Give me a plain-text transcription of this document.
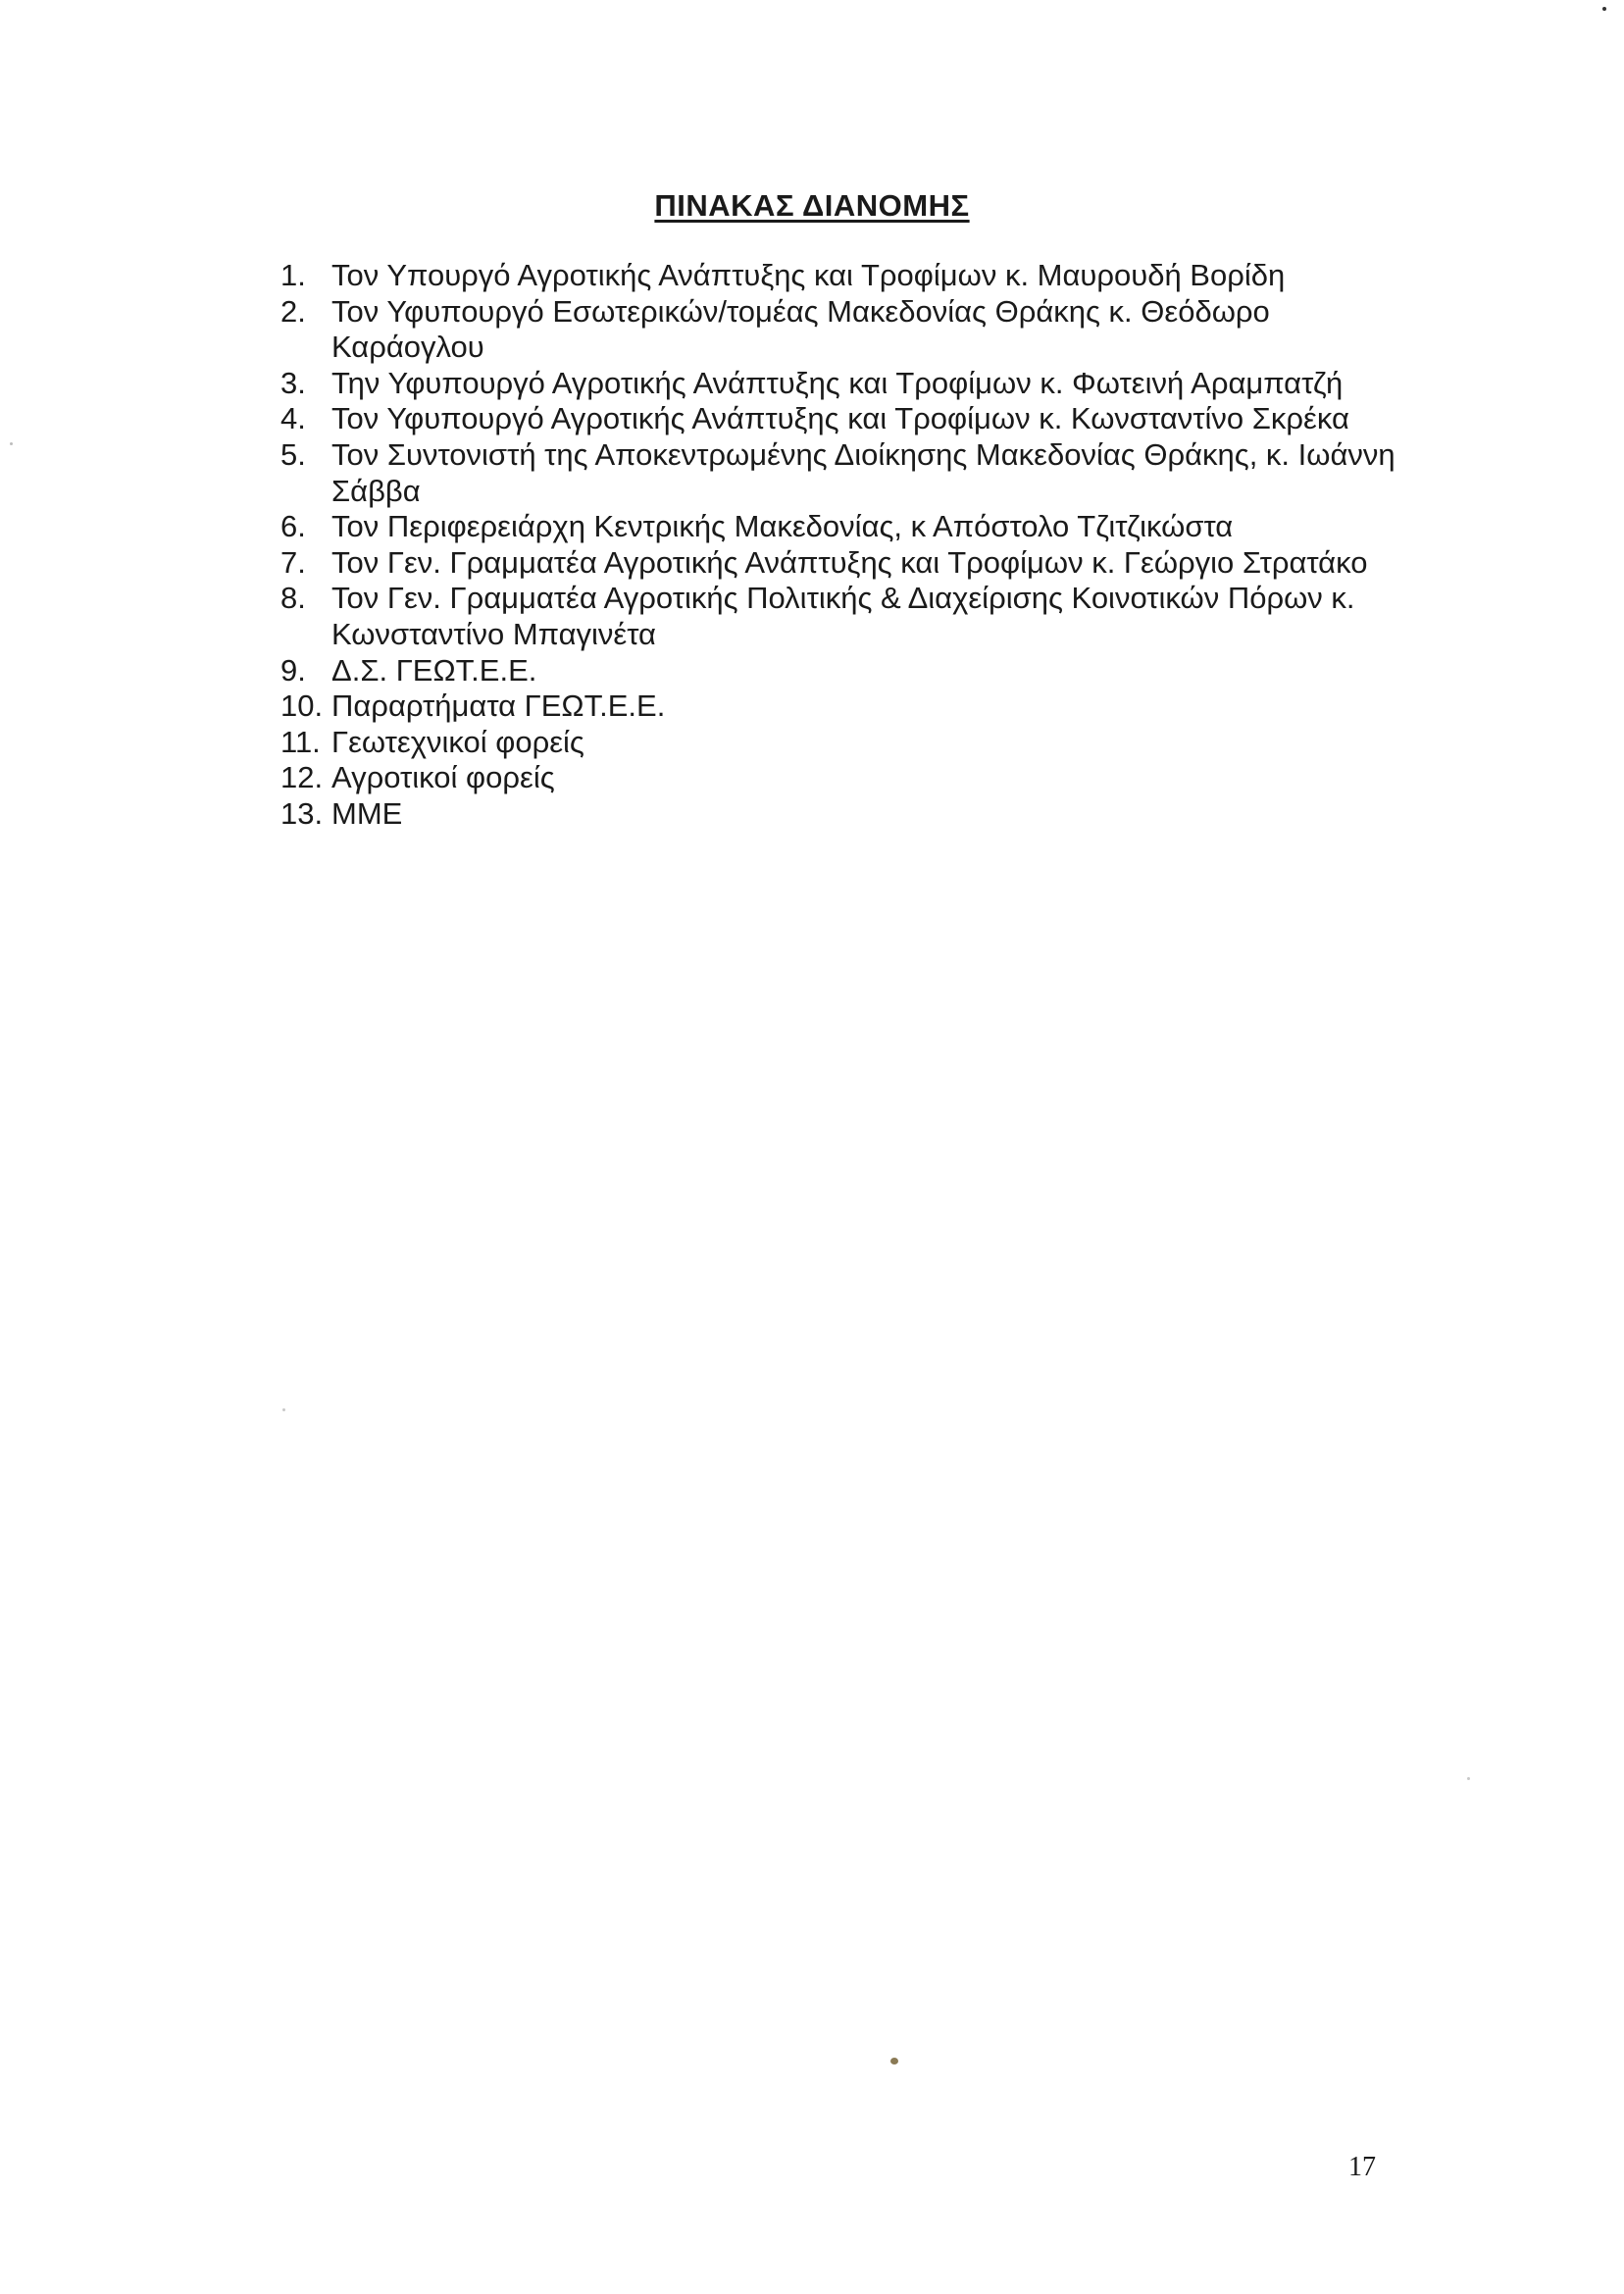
ΠΙΝΑΚΑΣ ΔΙΑΝΟΜΗΣ
1. Τον Υπουργό Αγροτικής Ανάπτυξης και Τροφίμων κ. Μαυρουδή Βορίδη
2. Τον Υφυπουργό Εσωτερικών/τομέας Μακεδονίας Θράκης κ. Θεόδωρο Καράογλου
3. Την Υφυπουργό Αγροτικής Ανάπτυξης και Τροφίμων κ. Φωτεινή Αραμπατζή
4. Τον Υφυπουργό Αγροτικής Ανάπτυξης και Τροφίμων κ. Κωνσταντίνο Σκρέκα
5. Τον Συντονιστή της Αποκεντρωμένης Διοίκησης Μακεδονίας Θράκης, κ. Ιωάννη Σάββα
6. Τον Περιφερειάρχη Κεντρικής Μακεδονίας, κ Απόστολο Τζιτζικώστα
7. Τον Γεν. Γραμματέα Αγροτικής Ανάπτυξης και Τροφίμων κ. Γεώργιο Στρατάκο
8. Τον Γεν. Γραμματέα Αγροτικής Πολιτικής & Διαχείρισης Κοινοτικών Πόρων κ. Κωνσταντίνο Μπαγινέτα
9. Δ.Σ. ΓΕΩΤ.Ε.Ε.
10. Παραρτήματα ΓΕΩΤ.Ε.Ε.
11. Γεωτεχνικοί φορείς
12. Αγροτικοί φορείς
13. ΜΜΕ
17
